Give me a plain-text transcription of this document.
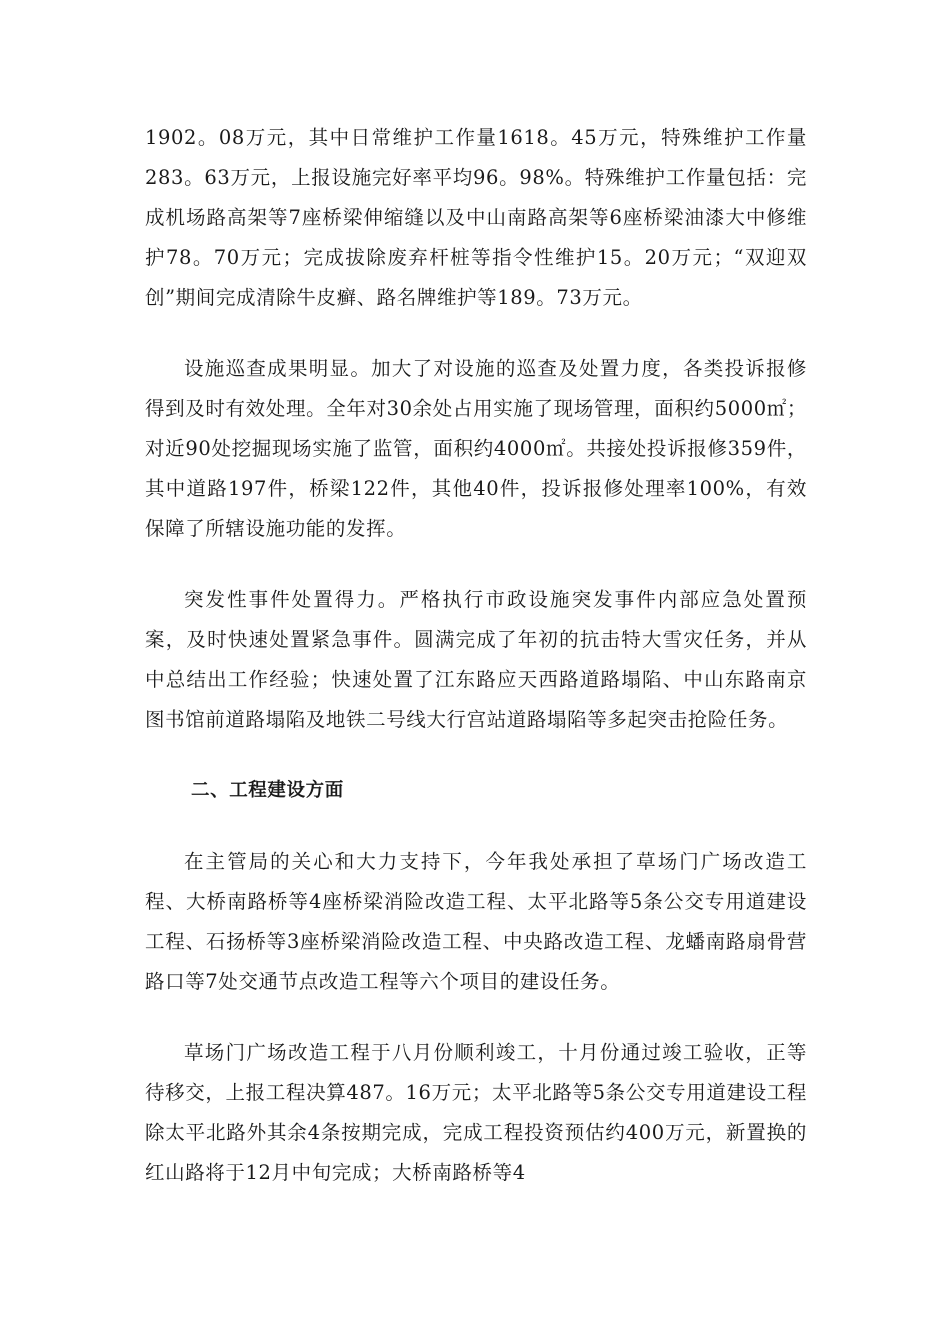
1902。08万元，其中日常维护工作量1618。45万元，特殊维护工作量283。63万元，上报设施完好率平均96。98%。特殊维护工作量包括：完成机场路高架等7座桥梁伸缩缝以及中山南路高架等6座桥梁油漆大中修维护78。70万元；完成拔除废弃杆桩等指令性维护15。20万元；“双迎双创”期间完成清除牛皮癣、路名牌维护等189。73万元。

设施巡查成果明显。加大了对设施的巡查及处置力度，各类投诉报修得到及时有效处理。全年对30余处占用实施了现场管理，面积约5000㎡；对近90处挖掘现场实施了监管，面积约4000㎡。共接处投诉报修359件，其中道路197件，桥梁122件，其他40件，投诉报修处理率100%，有效保障了所辖设施功能的发挥。

突发性事件处置得力。严格执行市政设施突发事件内部应急处置预案，及时快速处置紧急事件。圆满完成了年初的抗击特大雪灾任务，并从中总结出工作经验；快速处置了江东路应天西路道路塌陷、中山东路南京图书馆前道路塌陷及地铁二号线大行宫站道路塌陷等多起突击抢险任务。

二、工程建设方面

在主管局的关心和大力支持下，今年我处承担了草场门广场改造工程、大桥南路桥等4座桥梁消险改造工程、太平北路等5条公交专用道建设工程、石扬桥等3座桥梁消险改造工程、中央路改造工程、龙蟠南路扇骨营路口等7处交通节点改造工程等六个项目的建设任务。

草场门广场改造工程于八月份顺利竣工，十月份通过竣工验收，正等待移交，上报工程决算487。16万元；太平北路等5条公交专用道建设工程除太平北路外其余4条按期完成，完成工程投资预估约400万元，新置换的红山路将于12月中旬完成；大桥南路桥等4
